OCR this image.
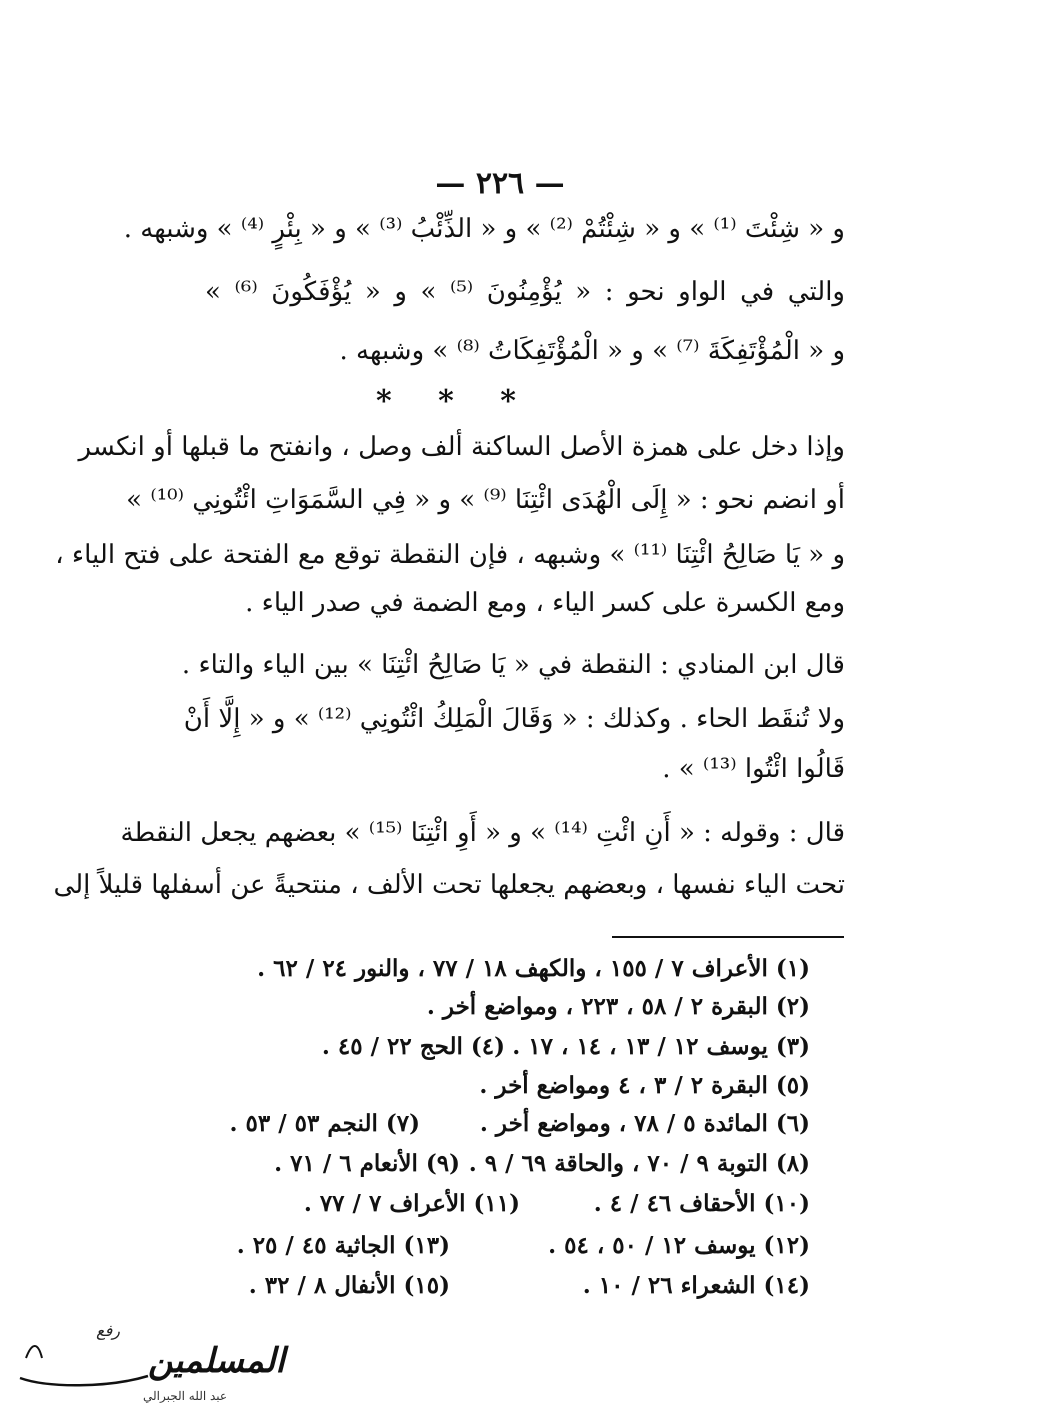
— ٢٢٦ —
و « شِئْتَ ⁽¹⁾ » و « شِئْتُمْ ⁽²⁾ » و « الذِّئْبُ ⁽³⁾ » و « بِئْرٍ ⁽⁴⁾ » وشبهه .
والتي في الواو نحو : « يُؤْمِنُونَ ⁽⁵⁾ » و « يُؤْفَكُونَ ⁽⁶⁾ »
و « الْمُؤْتَفِكَةَ ⁽⁷⁾ » و « الْمُؤْتَفِكَاتُ ⁽⁸⁾ » وشبهه .
* * *
وإذا دخل على همزة الأصل الساكنة ألف وصل ، وانفتح ما قبلها أو انكسر
أو انضم نحو : « إِلَى الْهُدَى ائْتِنَا ⁽⁹⁾ » و « فِي السَّمَوَاتِ ائْتُونِي ⁽¹⁰⁾ »
و « يَا صَالِحُ ائْتِنَا ⁽¹¹⁾ » وشبهه ، فإن النقطة توقع مع الفتحة على فتح الياء ،
ومع الكسرة على كسر الياء ، ومع الضمة في صدر الياء .
قال ابن المنادي : النقطة في « يَا صَالِحُ ائْتِنَا » بين الياء والتاء .
ولا تُنقَط الحاء . وكذلك : « وَقَالَ الْمَلِكُ ائْتُونِي ⁽¹²⁾ » و « إِلَّا أَنْ
قَالُوا ائْتُوا ⁽¹³⁾ » .
قال : وقوله : « أَنِ ائْتِ ⁽¹⁴⁾ » و « أَوِ ائْتِنَا ⁽¹⁵⁾ » بعضهم يجعل النقطة
تحت الياء نفسها ، وبعضهم يجعلها تحت الألف ، منتحيةً عن أسفلها قليلاً إلى
(١) الأعراف ٧ / ١٥٥ ، والكهف ١٨ / ٧٧ ، والنور ٢٤ / ٦٢ .
(٢) البقرة ٢ / ٥٨ ، ٢٢٣ ، ومواضع أخر .
(٣) يوسف ١٢ / ١٣ ، ١٤ ، ١٧ .
(٤) الحج ٢٢ / ٤٥ .
(٥) البقرة ٢ / ٣ ، ٤ ومواضع أخر .
(٦) المائدة ٥ / ٧٨ ، ومواضع أخر .
(٧) النجم ٥٣ / ٥٣ .
(٨) التوبة ٩ / ٧٠ ، والحاقة ٦٩ / ٩ .
(٩) الأنعام ٦ / ٧١ .
(١٠) الأحقاف ٤٦ / ٤ .
(١١) الأعراف ٧ / ٧٧ .
(١٢) يوسف ١٢ / ٥٠ ، ٥٤ .
(١٣) الجاثية ٤٥ / ٢٥ .
(١٤) الشعراء ٢٦ / ١٠ .
(١٥) الأنفال ٨ / ٣٢ .
رفع
المسلمين
عبد الله الجبرالي
